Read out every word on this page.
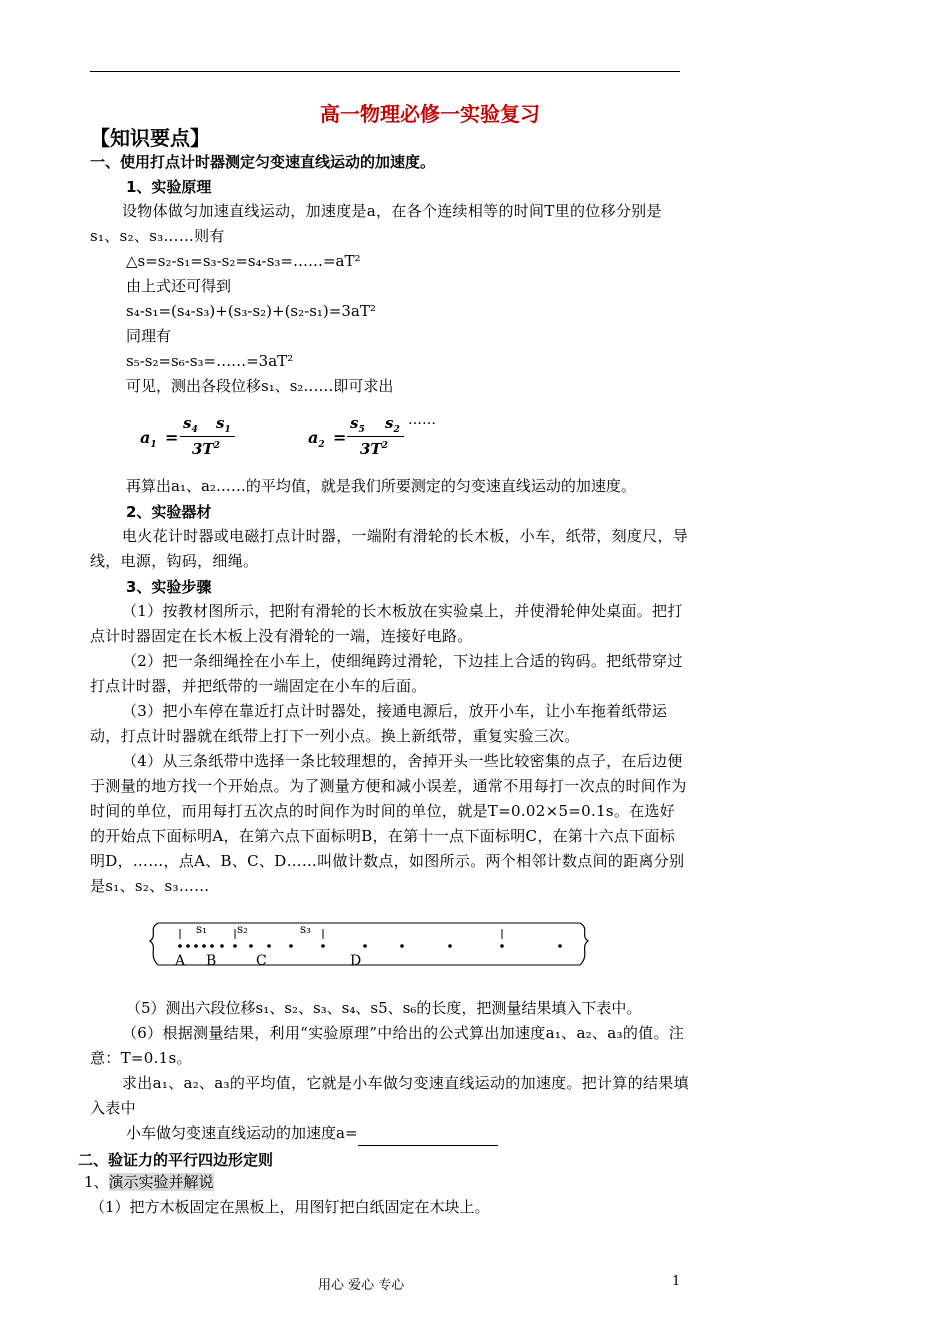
高一物理必修一实验复习
【知识要点】
一、使用打点计时器测定匀变速直线运动的加速度。
1、实验原理
设物体做匀加速直线运动，加速度是a，在各个连续相等的时间T里的位移分别是s₁、s₂、s₃……则有
△s=s₂-s₁=s₃-s₂=s₄-s₃=……=aT²
由上式还可得到
s₄-s₁=(s₄-s₃)+(s₃-s₂)+(s₂-s₁)=3aT²
同理有
s₅-s₂=s₆-s₃=……=3aT²
可见，测出各段位移s₁、s₂……即可求出
$a_1$ =
$s_4$ $s_1$
$3T^2$	$a_2$ =
$s_5$ $s_2$
$3T^2$
……
再算出a₁、a₂……的平均值，就是我们所要测定的匀变速直线运动的加速度。
2、实验器材
电火花计时器或电磁打点计时器，一端附有滑轮的长木板，小车，纸带，刻度尺，导线，电源，钩码，细绳。
3、实验步骤
（1）按教材图所示，把附有滑轮的长木板放在实验桌上，并使滑轮伸处桌面。把打点计时器固定在长木板上没有滑轮的一端，连接好电路。
（2）把一条细绳拴在小车上，使细绳跨过滑轮，下边挂上合适的钩码。把纸带穿过打点计时器，并把纸带的一端固定在小车的后面。
（3）把小车停在靠近打点计时器处，接通电源后，放开小车，让小车拖着纸带运动，打点计时器就在纸带上打下一列小点。换上新纸带，重复实验三次。
（4）从三条纸带中选择一条比较理想的，舍掉开头一些比较密集的点子，在后边便于测量的地方找一个开始点。为了测量方便和减小误差，通常不用每打一次点的时间作为时间的单位，而用每打五次点的时间作为时间的单位，就是T=0.02×5=0.1s。在选好的开始点下面标明A，在第六点下面标明B，在第十一点下面标明C，在第十六点下面标明D，……，点A、B、C、D……叫做计数点，如图所示。两个相邻计数点间的距离分别是s₁、s₂、s₃……
s₁	s₂	s₃
A B	C	D
（5）测出六段位移s₁、s₂、s₃、s₄、s5、s₆的长度，把测量结果填入下表中。
（6）根据测量结果，利用“实验原理”中给出的公式算出加速度a₁、a₂、a₃的值。注意：T=0.1s。
求出a₁、a₂、a₃的平均值，它就是小车做匀变速直线运动的加速度。把计算的结果填入表中
小车做匀变速直线运动的加速度a=
二、验证力的平行四边形定则
1、演示实验并解说
（1）把方木板固定在黑板上，用图钉把白纸固定在木块上。
用心 爱心 专心	1
